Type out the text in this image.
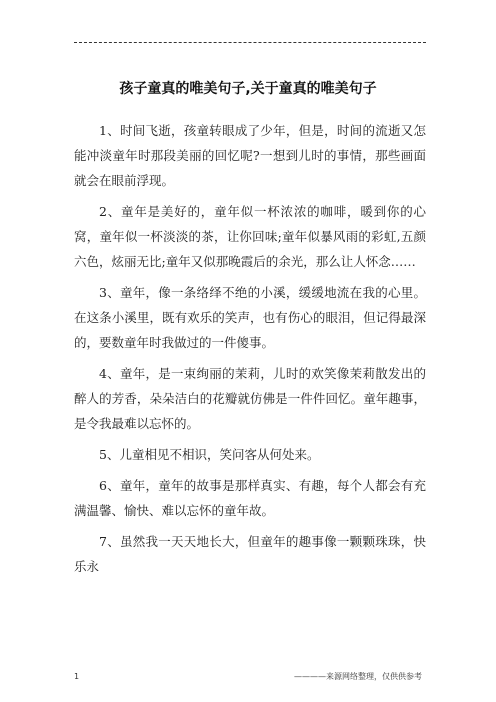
孩子童真的唯美句子,关于童真的唯美句子

1、时间飞逝，孩童转眼成了少年，但是，时间的流逝又怎能冲淡童年时那段美丽的回忆呢?一想到儿时的事情，那些画面就会在眼前浮现。

2、童年是美好的，童年似一杯浓浓的咖啡，暖到你的心窝，童年似一杯淡淡的茶，让你回味;童年似暴风雨的彩虹,五颜六色，炫丽无比;童年又似那晚霞后的余光，那么让人怀念……

3、童年，像一条络绎不绝的小溪，缓缓地流在我的心里。在这条小溪里，既有欢乐的笑声，也有伤心的眼泪，但记得最深的，要数童年时我做过的一件傻事。

4、童年，是一束绚丽的茉莉，儿时的欢笑像茉莉散发出的醉人的芳香，朵朵洁白的花瓣就仿佛是一件件回忆。童年趣事，是令我最难以忘怀的。

5、儿童相见不相识，笑问客从何处来。

6、童年，童年的故事是那样真实、有趣，每个人都会有充满温馨、愉快、难以忘怀的童年故。

7、虽然我一天天地长大，但童年的趣事像一颗颗珠珠，快乐永

1	————来源网络整理，仅供供参考
